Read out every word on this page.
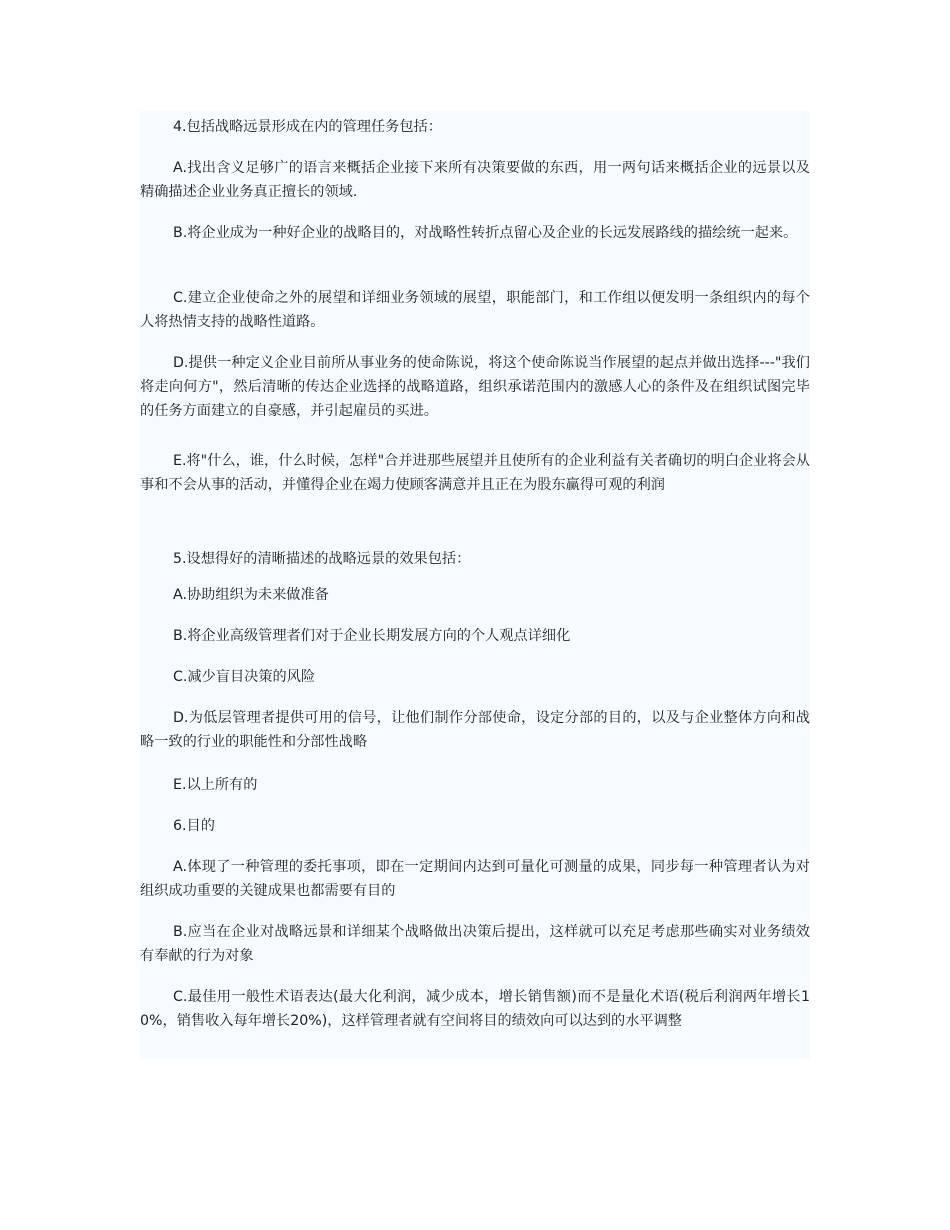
4.包括战略远景形成在内的管理任务包括：

A.找出含义足够广的语言来概括企业接下来所有决策要做的东西，用一两句话来概括企业的远景以及精确描述企业业务真正擅长的领域.

B.将企业成为一种好企业的战略目的，对战略性转折点留心及企业的长远发展路线的描绘统一起来。

C.建立企业使命之外的展望和详细业务领域的展望，职能部门，和工作组以便发明一条组织内的每个人将热情支持的战略性道路。

D.提供一种定义企业目前所从事业务的使命陈说，将这个使命陈说当作展望的起点并做出选择---"我们将走向何方"，然后清晰的传达企业选择的战略道路，组织承诺范围内的激感人心的条件及在组织试图完毕的任务方面建立的自豪感，并引起雇员的买进。

E.将"什么，谁，什么时候，怎样"合并进那些展望并且使所有的企业利益有关者确切的明白企业将会从事和不会从事的活动，并懂得企业在竭力使顾客满意并且正在为股东赢得可观的利润

5.设想得好的清晰描述的战略远景的效果包括：

A.协助组织为未来做准备

B.将企业高级管理者们对于企业长期发展方向的个人观点详细化

C.减少盲目决策的风险

D.为低层管理者提供可用的信号，让他们制作分部使命，设定分部的目的，以及与企业整体方向和战略一致的行业的职能性和分部性战略

E.以上所有的

6.目的

A.体现了一种管理的委托事项，即在一定期间内达到可量化可测量的成果，同步每一种管理者认为对组织成功重要的关键成果也都需要有目的

B.应当在企业对战略远景和详细某个战略做出决策后提出，这样就可以充足考虑那些确实对业务绩效有奉献的行为对象

C.最佳用一般性术语表达(最大化利润，减少成本，增长销售额)而不是量化术语(税后利润两年增长10%，销售收入每年增长20%)，这样管理者就有空间将目的绩效向可以达到的水平调整
